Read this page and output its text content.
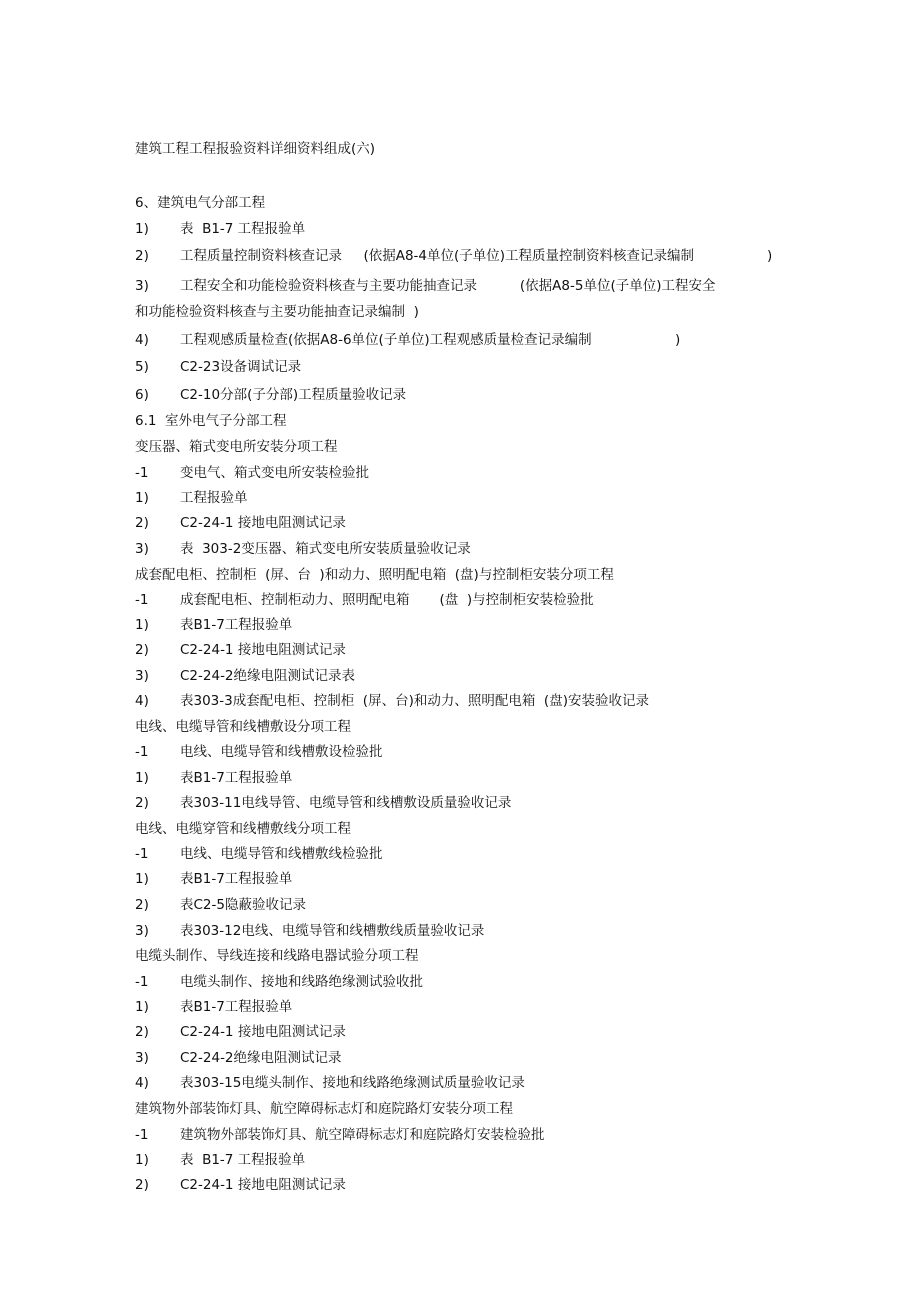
建筑工程工程报验资料详细资料组成(六)
6、建筑电气分部工程
1) 表  B1-7 工程报验单
2) 工程质量控制资料核查记录     (依据A8-4单位(子单位)工程质量控制资料核查记录编制	)
3) 工程安全和功能检验资料核查与主要功能抽查记录          (依据A8-5单位(子单位)工程安全
和功能检验资料核查与主要功能抽查记录编制  )
4) 工程观感质量检查(依据A8-6单位(子单位)工程观感质量检查记录编制	)
5) C2-23设备调试记录
6) C2-10分部(子分部)工程质量验收记录
6.1  室外电气子分部工程
变压器、箱式变电所安装分项工程
-1 变电气、箱式变电所安装检验批
1) 工程报验单
2) C2-24-1 接地电阻测试记录
3) 表  303-2变压器、箱式变电所安装质量验收记录
成套配电柜、控制柜  (屏、台  )和动力、照明配电箱  (盘)与控制柜安装分项工程
-1 成套配电柜、控制柜动力、照明配电箱       (盘  )与控制柜安装检验批
1) 表B1-7工程报验单
2) C2-24-1 接地电阻测试记录
3) C2-24-2绝缘电阻测试记录表
4) 表303-3成套配电柜、控制柜  (屏、台)和动力、照明配电箱  (盘)安装验收记录
电线、电缆导管和线槽敷设分项工程
-1 电线、电缆导管和线槽敷设检验批
1) 表B1-7工程报验单
2) 表303-11电线导管、电缆导管和线槽敷设质量验收记录
电线、电缆穿管和线槽敷线分项工程
-1 电线、电缆导管和线槽敷线检验批
1) 表B1-7工程报验单
2) 表C2-5隐蔽验收记录
3) 表303-12电线、电缆导管和线槽敷线质量验收记录
电缆头制作、导线连接和线路电器试验分项工程
-1 电缆头制作、接地和线路绝缘测试验收批
1) 表B1-7工程报验单
2) C2-24-1 接地电阻测试记录
3) C2-24-2绝缘电阻测试记录
4) 表303-15电缆头制作、接地和线路绝缘测试质量验收记录
建筑物外部装饰灯具、航空障碍标志灯和庭院路灯安装分项工程
-1 建筑物外部装饰灯具、航空障碍标志灯和庭院路灯安装检验批
1) 表  B1-7 工程报验单
2) C2-24-1 接地电阻测试记录
